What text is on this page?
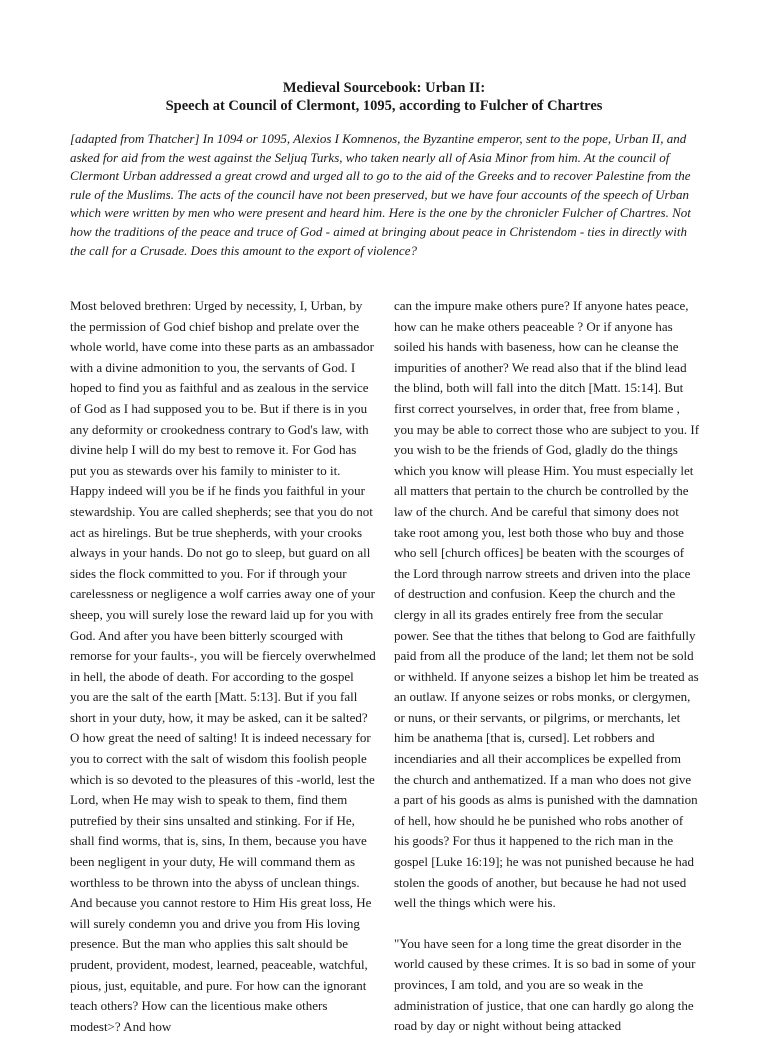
Medieval Sourcebook: Urban II:
Speech at Council of Clermont, 1095, according to Fulcher of Chartres
[adapted from Thatcher] In 1094 or 1095, Alexios I Komnenos, the Byzantine emperor, sent to the pope, Urban II, and asked for aid from the west against the Seljuq Turks, who taken nearly all of Asia Minor from him. At the council of Clermont Urban addressed a great crowd and urged all to go to the aid of the Greeks and to recover Palestine from the rule of the Muslims. The acts of the council have not been preserved, but we have four accounts of the speech of Urban which were written by men who were present and heard him. Here is the one by the chronicler Fulcher of Chartres. Not how the traditions of the peace and truce of God - aimed at bringing about peace in Christendom - ties in directly with the call for a Crusade. Does this amount to the export of violence?

Most beloved brethren: Urged by necessity, I, Urban, by the permission of God chief bishop and prelate over the whole world, have come into these parts as an ambassador with a divine admonition to you, the servants of God. I hoped to find you as faithful and as zealous in the service of God as I had supposed you to be. But if there is in you any deformity or crookedness contrary to God's law, with divine help I will do my best to remove it. For God has put you as stewards over his family to minister to it. Happy indeed will you be if he finds you faithful in your stewardship. You are called shepherds; see that you do not act as hirelings. But be true shepherds, with your crooks always in your hands. Do not go to sleep, but guard on all sides the flock committed to you. For if through your carelessness or negligence a wolf carries away one of your sheep, you will surely lose the reward laid up for you with God. And after you have been bitterly scourged with remorse for your faults-, you will be fiercely overwhelmed in hell, the abode of death. For according to the gospel you are the salt of the earth [Matt. 5:13]. But if you fall short in your duty, how, it may be asked, can it be salted? O how great the need of salting! It is indeed necessary for you to correct with the salt of wisdom this foolish people which is so devoted to the pleasures of this -world, lest the Lord, when He may wish to speak to them, find them putrefied by their sins unsalted and stinking. For if He, shall find worms, that is, sins, In them, because you have been negligent in your duty, He will command them as worthless to be thrown into the abyss of unclean things. And because you cannot restore to Him His great loss, He will surely condemn you and drive you from His loving presence. But the man who applies this salt should be prudent, provident, modest, learned, peaceable, watchful, pious, just, equitable, and pure. For how can the ignorant teach others? How can the licentious make others modest>? And how

can the impure make others pure? If anyone hates peace, how can he make others peaceable ? Or if anyone has soiled his hands with baseness, how can he cleanse the impurities of another? We read also that if the blind lead the blind, both will fall into the ditch [Matt. 15:14]. But first correct yourselves, in order that, free from blame , you may be able to correct those who are subject to you. If you wish to be the friends of God, gladly do the things which you know will please Him. You must especially let all matters that pertain to the church be controlled by the law of the church. And be careful that simony does not take root among you, lest both those who buy and those who sell [church offices] be beaten with the scourges of the Lord through narrow streets and driven into the place of destruction and confusion. Keep the church and the clergy in all its grades entirely free from the secular power. See that the tithes that belong to God are faithfully paid from all the produce of the land; let them not be sold or withheld. If anyone seizes a bishop let him be treated as an outlaw. If anyone seizes or robs monks, or clergymen, or nuns, or their servants, or pilgrims, or merchants, let him be anathema [that is, cursed]. Let robbers and incendiaries and all their accomplices be expelled from the church and anthematized. If a man who does not give a part of his goods as alms is punished with the damnation of hell, how should he be punished who robs another of his goods? For thus it happened to the rich man in the gospel [Luke 16:19]; he was not punished because he had stolen the goods of another, but because he had not used well the things which were his.

"You have seen for a long time the great disorder in the world caused by these crimes. It is so bad in some of your provinces, I am told, and you are so weak in the administration of justice, that one can hardly go along the road by day or night without being attacked
